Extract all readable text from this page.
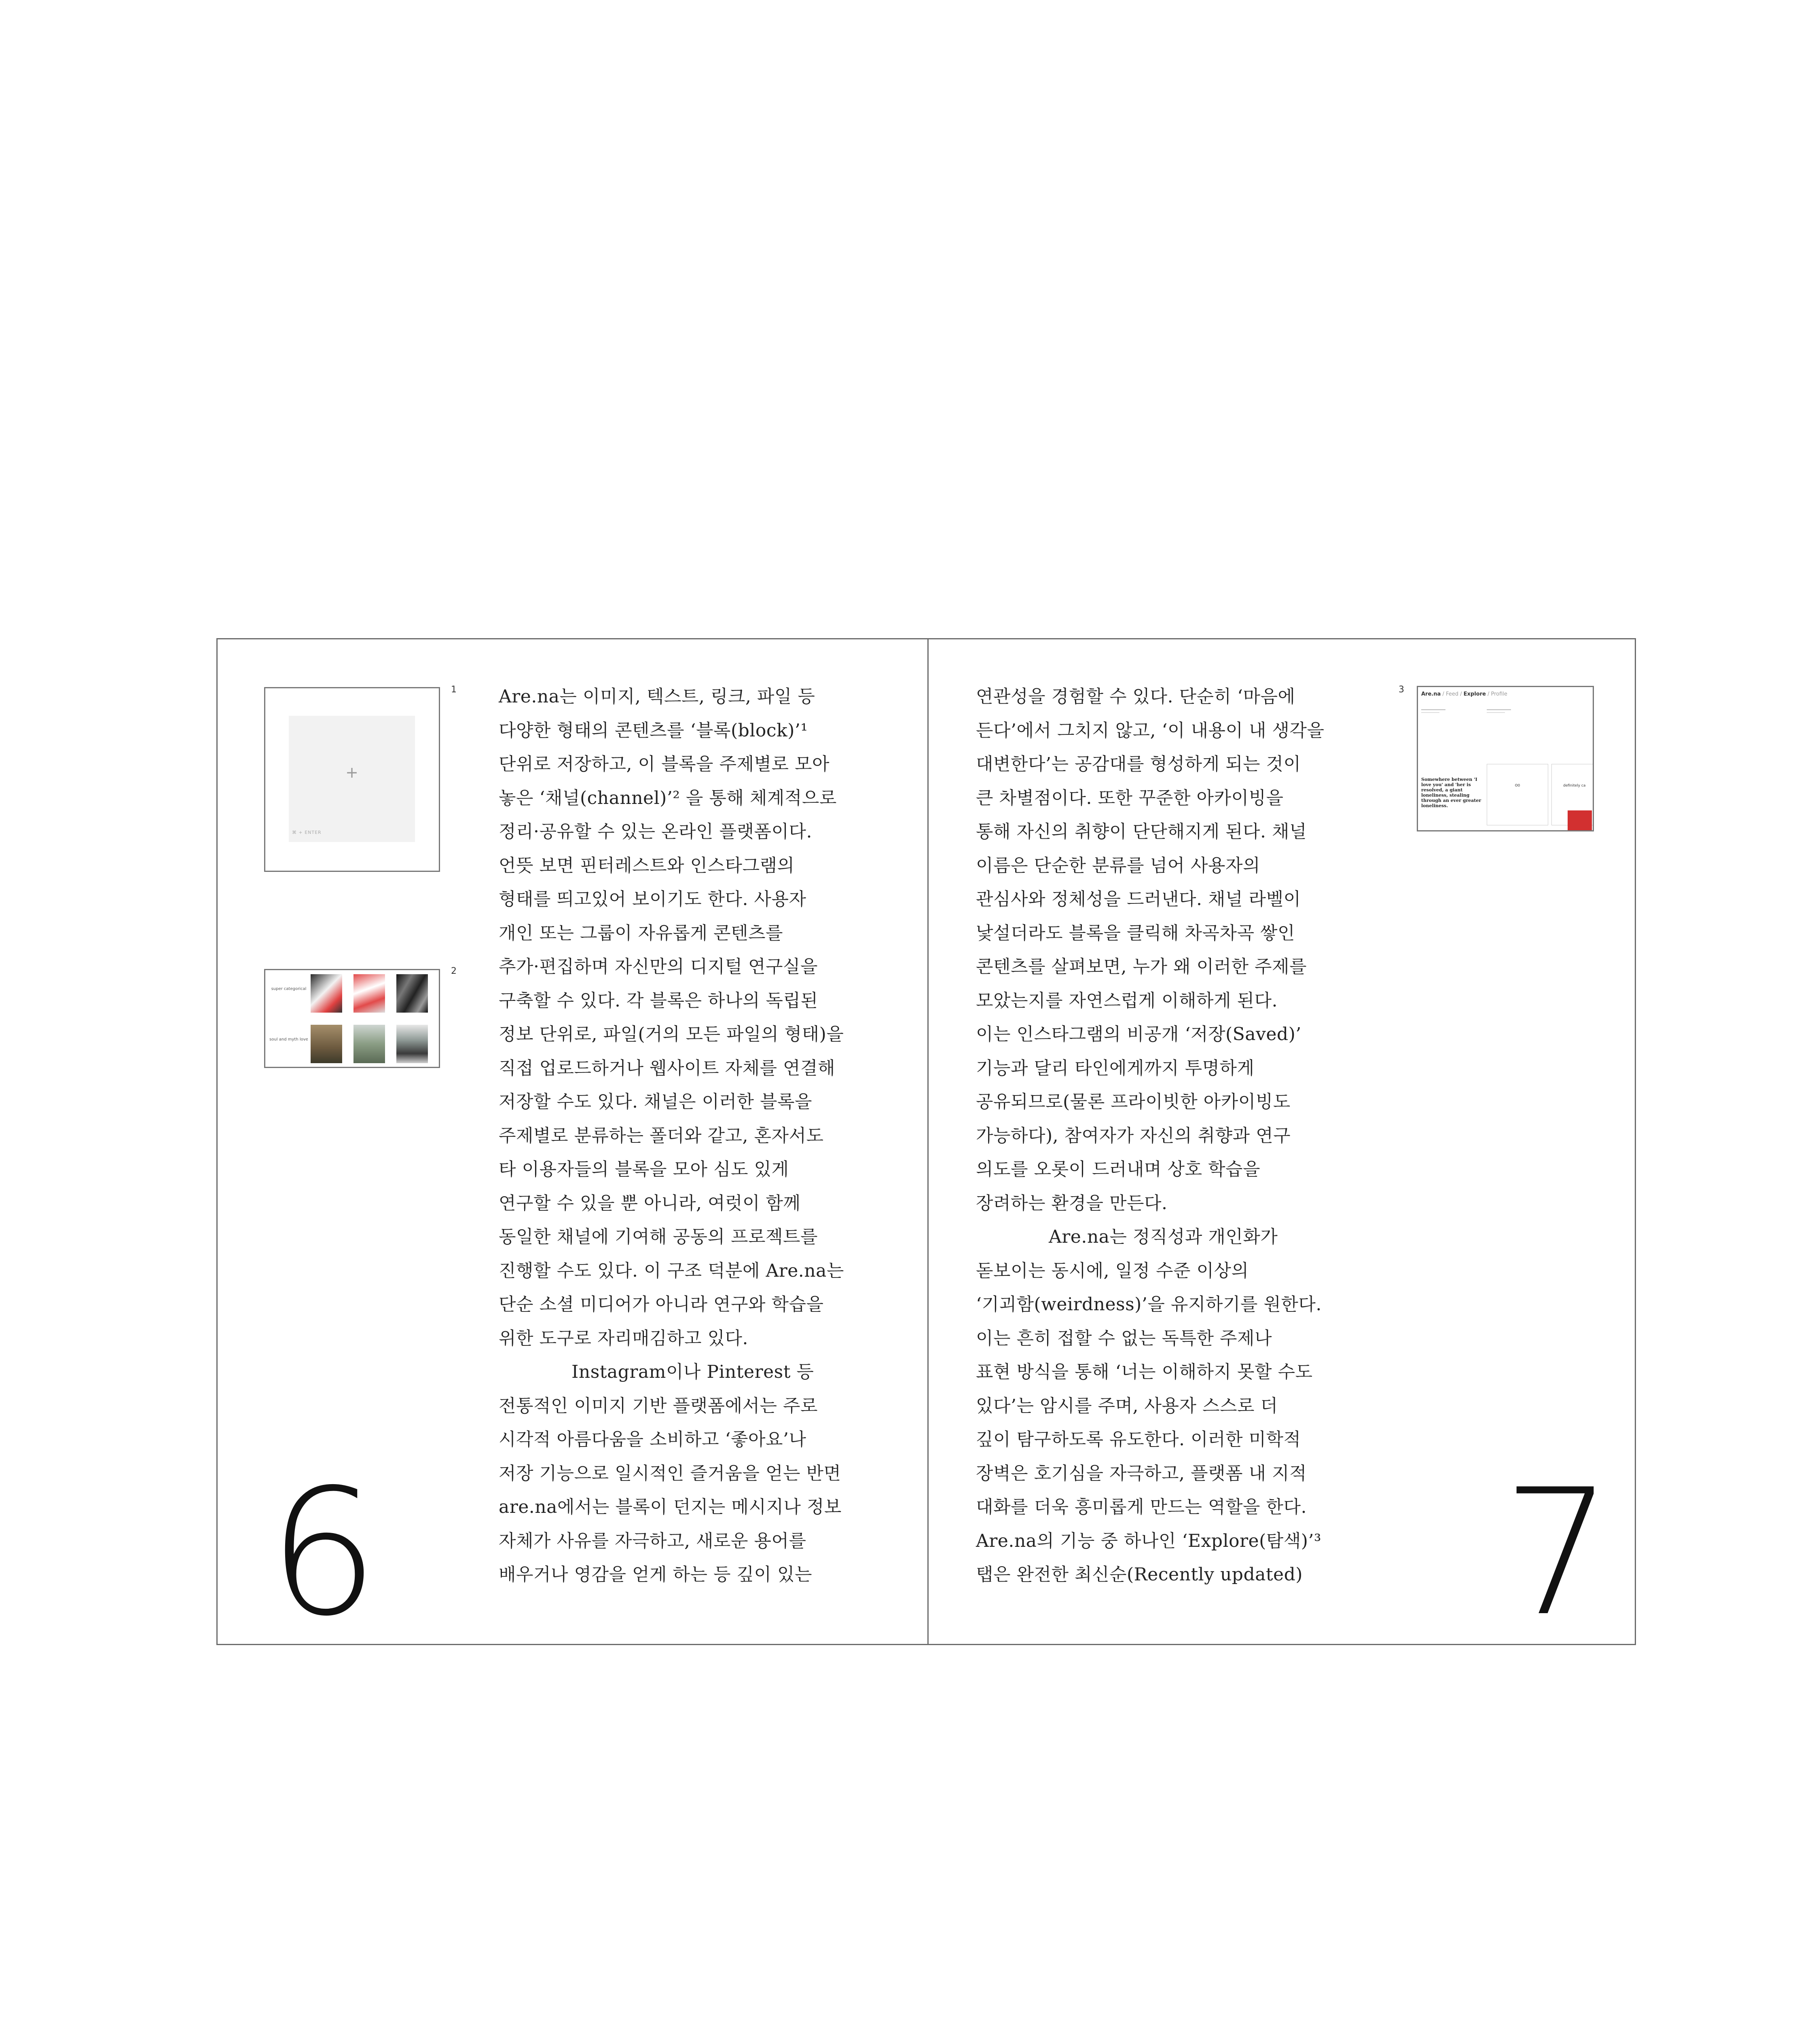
1
+
⌘ + ENTER
2
super categorical
soul and myth love
Are.na는 이미지, 텍스트, 링크, 파일 등
다양한 형태의 콘텐츠를 ‘블록(block)’¹
단위로 저장하고, 이 블록을 주제별로 모아
놓은 ‘채널(channel)’² 을 통해 체계적으로
정리·공유할 수 있는 온라인 플랫폼이다.
언뜻 보면 핀터레스트와 인스타그램의
형태를 띄고있어 보이기도 한다. 사용자
개인 또는 그룹이 자유롭게 콘텐츠를
추가·편집하며 자신만의 디지털 연구실을
구축할 수 있다. 각 블록은 하나의 독립된
정보 단위로, 파일(거의 모든 파일의 형태)을
직접 업로드하거나 웹사이트 자체를 연결해
저장할 수도 있다. 채널은 이러한 블록을
주제별로 분류하는 폴더와 같고, 혼자서도
타 이용자들의 블록을 모아 심도 있게
연구할 수 있을 뿐 아니라, 여럿이 함께
동일한 채널에 기여해 공동의 프로젝트를
진행할 수도 있다. 이 구조 덕분에 Are.na는
단순 소셜 미디어가 아니라 연구와 학습을
위한 도구로 자리매김하고 있다.
Instagram이나 Pinterest 등
전통적인 이미지 기반 플랫폼에서는 주로
시각적 아름다움을 소비하고 ‘좋아요’나
저장 기능으로 일시적인 즐거움을 얻는 반면
are.na에서는 블록이 던지는 메시지나 정보
자체가 사유를 자극하고, 새로운 용어를
배우거나 영감을 얻게 하는 등 깊이 있는
6
연관성을 경험할 수 있다. 단순히 ‘마음에
든다’에서 그치지 않고, ‘이 내용이 내 생각을
대변한다’는 공감대를 형성하게 되는 것이
큰 차별점이다. 또한 꾸준한 아카이빙을
통해 자신의 취향이 단단해지게 된다. 채널
이름은 단순한 분류를 넘어 사용자의
관심사와 정체성을 드러낸다. 채널 라벨이
낯설더라도 블록을 클릭해 차곡차곡 쌓인
콘텐츠를 살펴보면, 누가 왜 이러한 주제를
모았는지를 자연스럽게 이해하게 된다.
이는 인스타그램의 비공개 ‘저장(Saved)’
기능과 달리 타인에게까지 투명하게
공유되므로(물론 프라이빗한 아카이빙도
가능하다), 참여자가 자신의 취향과 연구
의도를 오롯이 드러내며 상호 학습을
장려하는 환경을 만든다.
Are.na는 정직성과 개인화가
돋보이는 동시에, 일정 수준 이상의
‘기괴함(weirdness)’을 유지하기를 원한다.
이는 흔히 접할 수 없는 독특한 주제나
표현 방식을 통해 ‘너는 이해하지 못할 수도
있다’는 암시를 주며, 사용자 스스로 더
깊이 탐구하도록 유도한다. 이러한 미학적
장벽은 호기심을 자극하고, 플랫폼 내 지적
대화를 더욱 흥미롭게 만드는 역할을 한다.
Are.na의 기능 중 하나인 ‘Explore(탐색)’³
탭은 완전한 최신순(Recently updated)
3	Are.na / Feed / Explore / Profile
Somewhere between 'I love you' and 'her is resolved, a giant loneliness, stealing through an ever greater loneliness.
ʘ0	definitely ca
7
